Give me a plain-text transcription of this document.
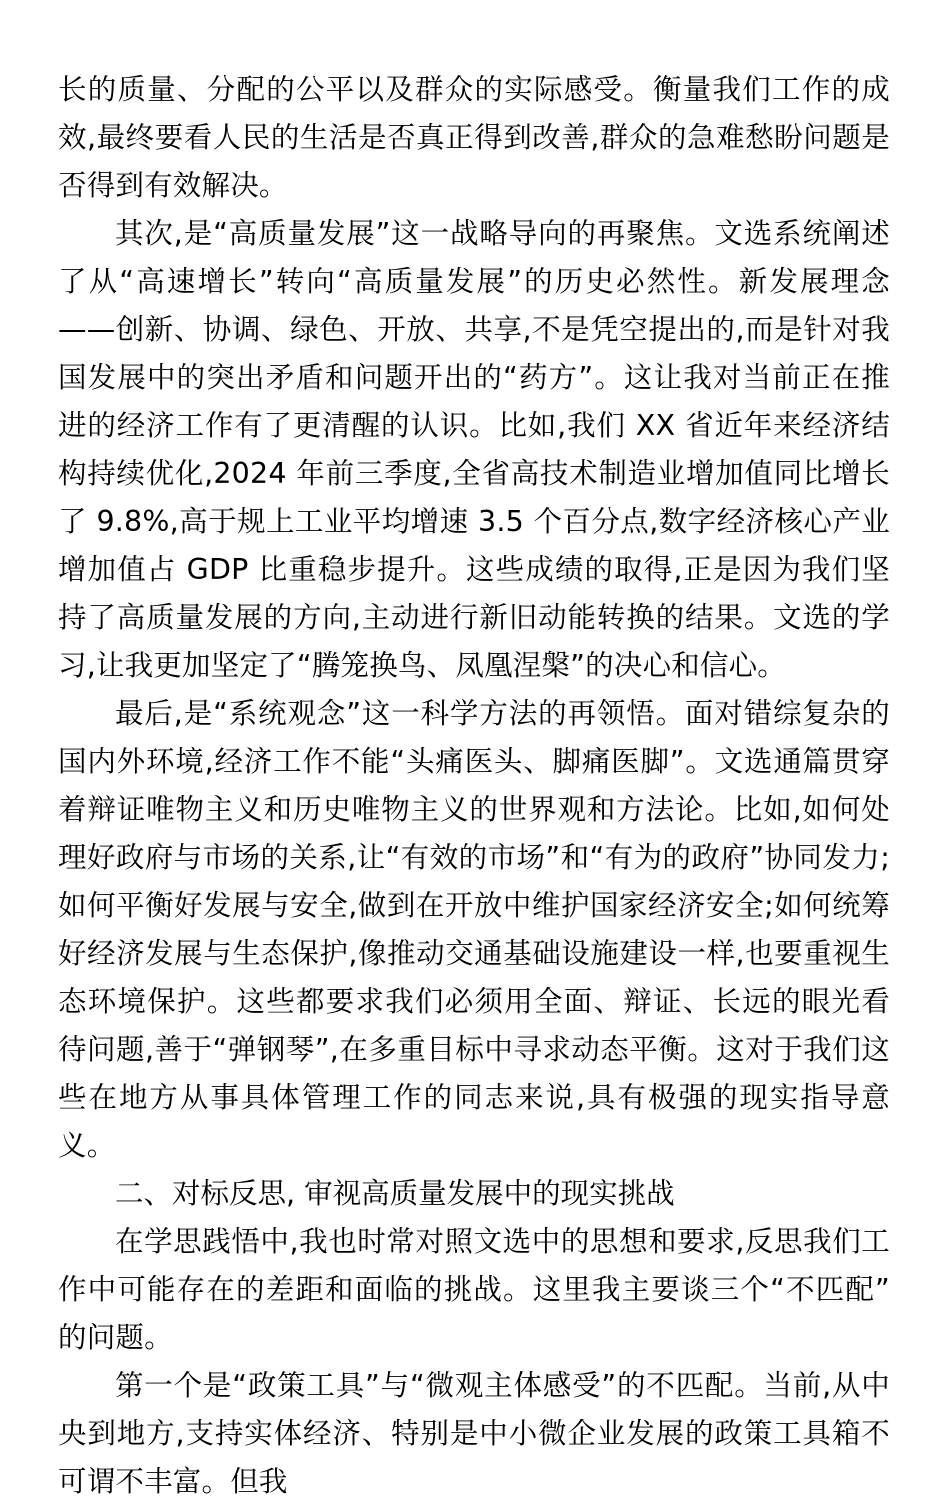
长的质量、分配的公平以及群众的实际感受。衡量我们工作的成效,最终要看人民的生活是否真正得到改善,群众的急难愁盼问题是否得到有效解决。

其次,是“高质量发展”这一战略导向的再聚焦。文选系统阐述了从“高速增长”转向“高质量发展”的历史必然性。新发展理念——创新、协调、绿色、开放、共享,不是凭空提出的,而是针对我国发展中的突出矛盾和问题开出的“药方”。这让我对当前正在推进的经济工作有了更清醒的认识。比如,我们 XX 省近年来经济结构持续优化,2024 年前三季度,全省高技术制造业增加值同比增长了 9.8%,高于规上工业平均增速 3.5 个百分点,数字经济核心产业增加值占 GDP 比重稳步提升。这些成绩的取得,正是因为我们坚持了高质量发展的方向,主动进行新旧动能转换的结果。文选的学习,让我更加坚定了“腾笼换鸟、凤凰涅槃”的决心和信心。

最后,是“系统观念”这一科学方法的再领悟。面对错综复杂的国内外环境,经济工作不能“头痛医头、脚痛医脚”。文选通篇贯穿着辩证唯物主义和历史唯物主义的世界观和方法论。比如,如何处理好政府与市场的关系,让“有效的市场”和“有为的政府”协同发力;如何平衡好发展与安全,做到在开放中维护国家经济安全;如何统筹好经济发展与生态保护,像推动交通基础设施建设一样,也要重视生态环境保护。这些都要求我们必须用全面、辩证、长远的眼光看待问题,善于“弹钢琴”,在多重目标中寻求动态平衡。这对于我们这些在地方从事具体管理工作的同志来说,具有极强的现实指导意义。

二、对标反思, 审视高质量发展中的现实挑战

在学思践悟中,我也时常对照文选中的思想和要求,反思我们工作中可能存在的差距和面临的挑战。这里我主要谈三个“不匹配”的问题。

第一个是“政策工具”与“微观主体感受”的不匹配。当前,从中央到地方,支持实体经济、特别是中小微企业发展的政策工具箱不可谓不丰富。但我
